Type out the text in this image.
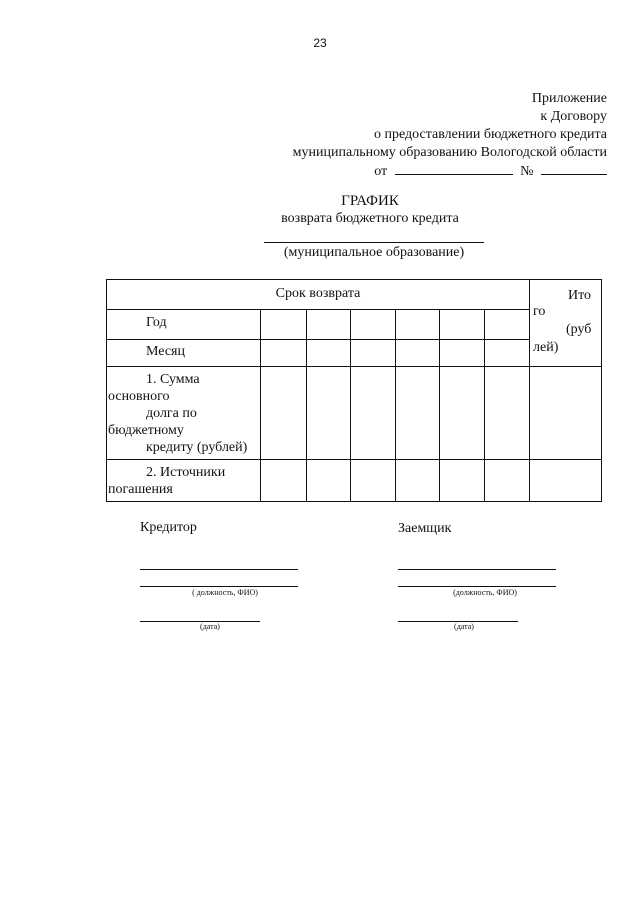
23
Приложение
к Договору
о предоставлении бюджетного кредита
муниципальному образованию Вологодской области
от	№
ГРАФИК
возврата бюджетного кредита
(муниципальное образование)
Срок возврата	Ито
го
(руб
лей)
Год
Месяц
1. Сумма
основного
долга по
бюджетному
кредиту (рублей)
2. Источники
погашения
Кредитор	Заемщик
( должность, ФИО)	(должность, ФИО)
(дата)	(дата)
